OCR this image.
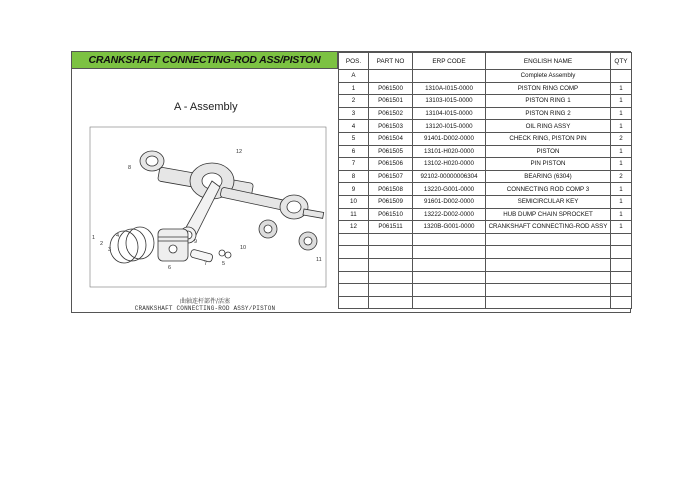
CRANKSHAFT CONNECTING-ROD ASS/PISTON
A - Assembly
1
2
3
4
5
6
7
8
9
10
11
12
曲轴连杆部件/活塞
CRANKSHAFT CONNECTING-ROD ASSY/PISTON
POS.	PART NO	ERP CODE	ENGLISH NAME	QTY
A			Complete Assembly	
1	P061500	1310A-I015-0000	PISTON RING COMP	1
2	P061501	13103-I015-0000	PISTON RING 1	1
3	P061502	13104-I015-0000	PISTON RING 2	1
4	P061503	13120-I015-0000	OIL RING ASSY	1
5	P061504	91401-D002-0000	CHECK RING, PISTON PIN	2
6	P061505	13101-H020-0000	PISTON	1
7	P061506	13102-H020-0000	PIN PISTON	1
8	P061507	92102-00000006304	BEARING (6304)	2
9	P061508	13220-G001-0000	CONNECTING ROD COMP 3	1
10	P061509	91601-D002-0000	SEMICIRCULAR KEY	1
11	P061510	13222-D002-0000	HUB DUMP CHAIN SPROCKET	1
12	P061511	1320B-G001-0000	CRANKSHAFT CONNECTING-ROD ASSY	1
